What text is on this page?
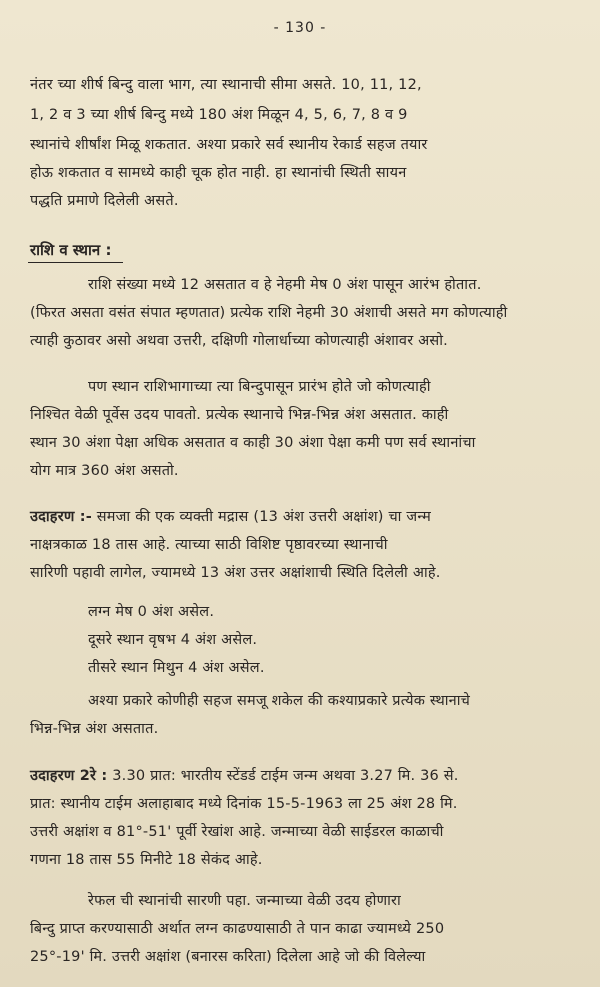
- 130 -
नंतर च्या शीर्ष बिन्दु वाला भाग, त्या स्थानाची सीमा असते. 10, 11, 12,
1, 2 व 3 च्या शीर्ष बिन्दु मध्ये 180 अंश मिळून 4, 5, 6, 7, 8 व 9
स्थानांचे शीर्षांश मिळू शकतात. अश्या प्रकारे सर्व स्थानीय रेकार्ड सहज तयार
होऊ शकतात व सामध्ये काही चूक होत नाही. हा स्थानांची स्थिती सायन
पद्धति प्रमाणे दिलेली असते.
राशि व स्थान :
राशि संख्या मध्ये 12 असतात व हे नेहमी मेष 0 अंश पासून आरंभ होतात.
(फिरत असता वसंत संपात म्हणतात) प्रत्येक राशि नेहमी 30 अंशाची असते मग कोणत्याही
त्याही कुठावर असो अथवा उत्तरी, दक्षिणी गोलार्धाच्या कोणत्याही अंशावर असो.
पण स्थान राशिभागाच्या त्या बिन्दुपासून प्रारंभ होते जो कोणत्याही
निश्चित वेळी पूर्वेस उदय पावतो. प्रत्येक स्थानाचे भिन्न-भिन्न अंश असतात. काही
स्थान 30 अंशा पेक्षा अधिक असतात व काही 30 अंशा पेक्षा कमी पण सर्व स्थानांचा
योग मात्र 360 अंश असतो.
उदाहरण :- समजा की एक व्यक्ती मद्रास (13 अंश उत्तरी अक्षांश) चा जन्म
नाक्षत्रकाळ 18 तास आहे. त्याच्या साठी विशिष्ट पृष्ठावरच्या स्थानाची
सारिणी पहावी लागेल, ज्यामध्ये 13 अंश उत्तर अक्षांशाची स्थिति दिलेली आहे.
लग्न मेष 0 अंश असेल.
दूसरे स्थान वृषभ 4 अंश असेल.
तीसरे स्थान मिथुन 4 अंश असेल.
अश्या प्रकारे कोणीही सहज समजू शकेल की कश्याप्रकारे प्रत्येक स्थानाचे
भिन्न-भिन्न अंश असतात.
उदाहरण 2रे : 3.30 प्रात: भारतीय स्टेंडर्ड टाईम जन्म अथवा 3.27 मि. 36 से.
प्रात: स्थानीय टाईम अलाहाबाद मध्ये दिनांक 15-5-1963 ला 25 अंश 28 मि.
उत्तरी अक्षांश व 81°-51' पूर्वी रेखांश आहे. जन्माच्या वेळी साईडरल काळाची
गणना 18 तास 55 मिनीटे 18 सेकंद आहे.
रेफल ची स्थानांची सारणी पहा. जन्माच्या वेळी उदय होणारा
बिन्दु प्राप्त करण्यासाठी अर्थात लग्न काढण्यासाठी ते पान काढा ज्यामध्ये 250
25°-19' मि. उत्तरी अक्षांश (बनारस करिता) दिलेला आहे जो की विलेल्या
